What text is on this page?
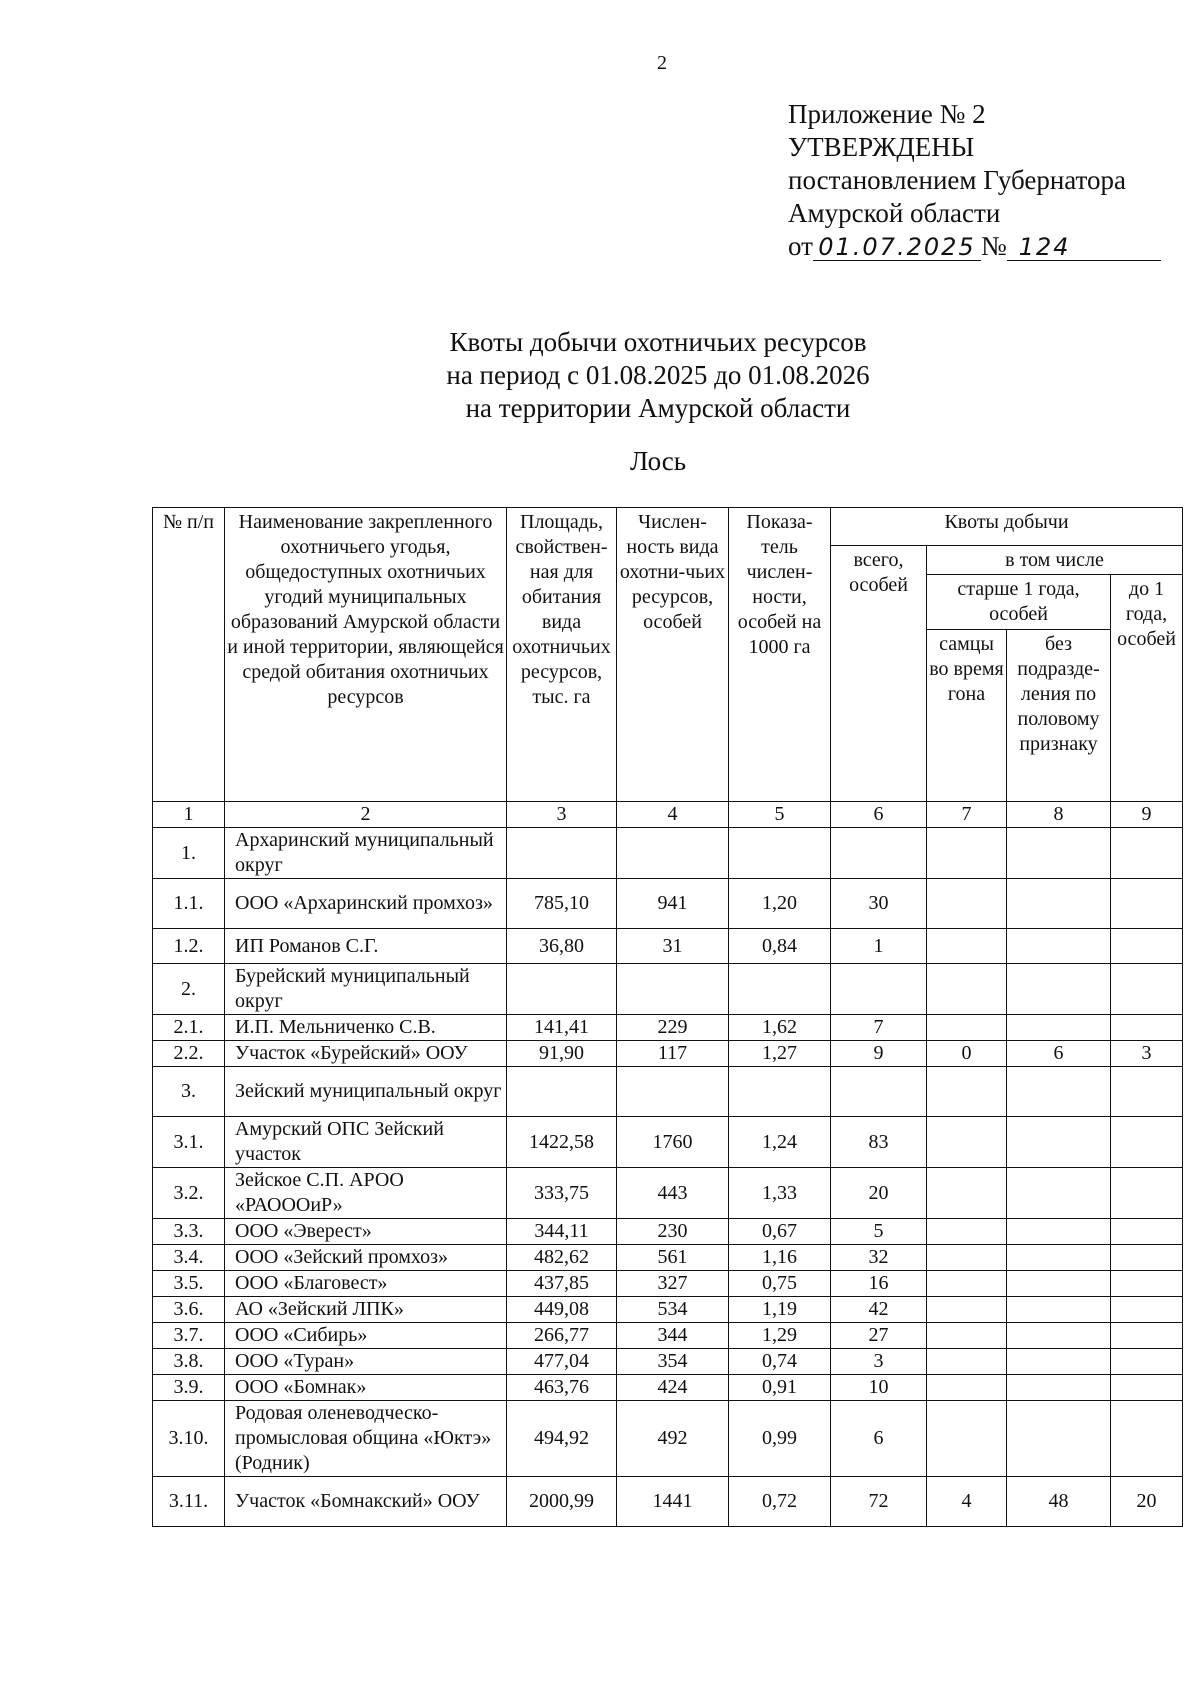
2
Приложение № 2
УТВЕРЖДЕНЫ
постановлением Губернатора
Амурской области
от 01.07.2025 № 124
Квоты добычи охотничьих ресурсов
на период с 01.08.2025 до 01.08.2026
на территории Амурской области
Лось
№ п/п	Наименование закрепленного охотничьего угодья, общедоступных охотничьих угодий муниципальных образований Амурской области и иной территории, являющейся средой обитания охотничьих ресурсов	Площадь, свойствен-ная для обитания вида охотничьих ресурсов, тыс. га	Числен-ность вида охотни-чьих ресурсов, особей	Показа-тель числен-ности, особей на 1000 га	Квоты добычи			
					всего, особей	в том числе		
						старше 1 года, особей		до 1 года, особей
						самцы во время гона	без подразде-ления по половому признаку	
1	2	3	4	5	6	7	8	9
1.	Архаринский муниципальный округ							
1.1.	ООО «Архаринский промхоз»	785,10	941	1,20	30			
1.2.	ИП Романов С.Г.	36,80	31	0,84	1			
2.	Бурейский муниципальный округ							
2.1.	И.П. Мельниченко С.В.	141,41	229	1,62	7			
2.2.	Участок «Бурейский» ООУ	91,90	117	1,27	9	0	6	3
3.	Зейский муниципальный округ							
3.1.	Амурский ОПС Зейский участок	1422,58	1760	1,24	83			
3.2.	Зейское С.П. АРОО «РАОООиР»	333,75	443	1,33	20			
3.3.	ООО «Эверест»	344,11	230	0,67	5			
3.4.	ООО «Зейский промхоз»	482,62	561	1,16	32			
3.5.	ООО «Благовест»	437,85	327	0,75	16			
3.6.	АО «Зейский ЛПК»	449,08	534	1,19	42			
3.7.	ООО «Сибирь»	266,77	344	1,29	27			
3.8.	ООО «Туран»	477,04	354	0,74	3			
3.9.	ООО «Бомнак»	463,76	424	0,91	10			
3.10.	Родовая оленеводческо-промысловая община «Юктэ» (Родник)	494,92	492	0,99	6			
3.11.	Участок «Бомнакский» ООУ	2000,99	1441	0,72	72	4	48	20
